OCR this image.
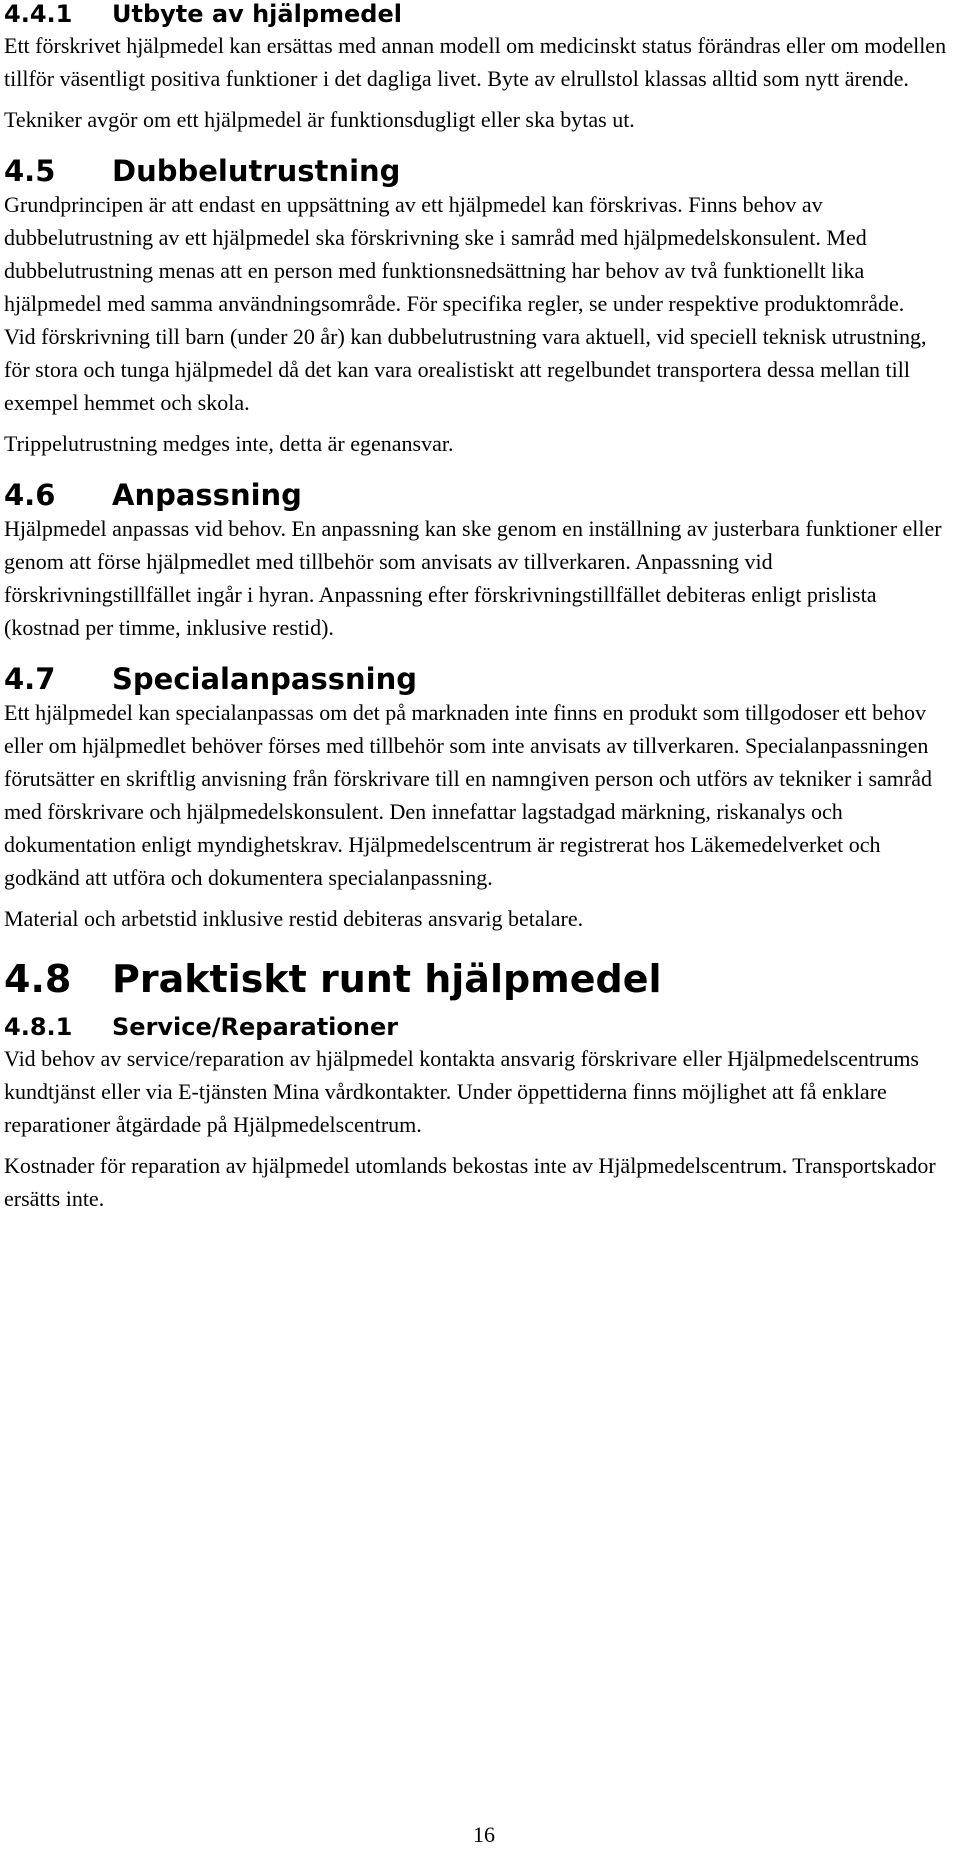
4.4.1 Utbyte av hjälpmedel

Ett förskrivet hjälpmedel kan ersättas med annan modell om medicinskt status förändras eller om modellen tillför väsentligt positiva funktioner i det dagliga livet. Byte av elrullstol klassas alltid som nytt ärende.

Tekniker avgör om ett hjälpmedel är funktionsdugligt eller ska bytas ut.

4.5 Dubbelutrustning

Grundprincipen är att endast en uppsättning av ett hjälpmedel kan förskrivas. Finns behov av dubbelutrustning av ett hjälpmedel ska förskrivning ske i samråd med hjälpmedelskonsulent. Med dubbelutrustning menas att en person med funktionsnedsättning har behov av två funktionellt lika hjälpmedel med samma användningsområde. För specifika regler, se under respektive produktområde.

Vid förskrivning till barn (under 20 år) kan dubbelutrustning vara aktuell, vid speciell teknisk utrustning, för stora och tunga hjälpmedel då det kan vara orealistiskt att regelbundet transportera dessa mellan till exempel hemmet och skola.

Trippelutrustning medges inte, detta är egenansvar.

4.6 Anpassning

Hjälpmedel anpassas vid behov. En anpassning kan ske genom en inställning av justerbara funktioner eller genom att förse hjälpmedlet med tillbehör som anvisats av tillverkaren. Anpassning vid förskrivningstillfället ingår i hyran. Anpassning efter förskrivningstillfället debiteras enligt prislista (kostnad per timme, inklusive restid).

4.7 Specialanpassning

Ett hjälpmedel kan specialanpassas om det på marknaden inte finns en produkt som tillgodoser ett behov eller om hjälpmedlet behöver förses med tillbehör som inte anvisats av tillverkaren. Specialanpassningen förutsätter en skriftlig anvisning från förskrivare till en namngiven person och utförs av tekniker i samråd med förskrivare och hjälpmedelskonsulent. Den innefattar lagstadgad märkning, riskanalys och dokumentation enligt myndighetskrav. Hjälpmedelscentrum är registrerat hos Läkemedelverket och godkänd att utföra och dokumentera specialanpassning.

Material och arbetstid inklusive restid debiteras ansvarig betalare.

4.8 Praktiskt runt hjälpmedel
4.8.1 Service/Reparationer

Vid behov av service/reparation av hjälpmedel kontakta ansvarig förskrivare eller Hjälpmedelscentrums kundtjänst eller via E-tjänsten Mina vårdkontakter. Under öppettiderna finns möjlighet att få enklare reparationer åtgärdade på Hjälpmedelscentrum.

Kostnader för reparation av hjälpmedel utomlands bekostas inte av Hjälpmedelscentrum. Transportskador ersätts inte.

16
